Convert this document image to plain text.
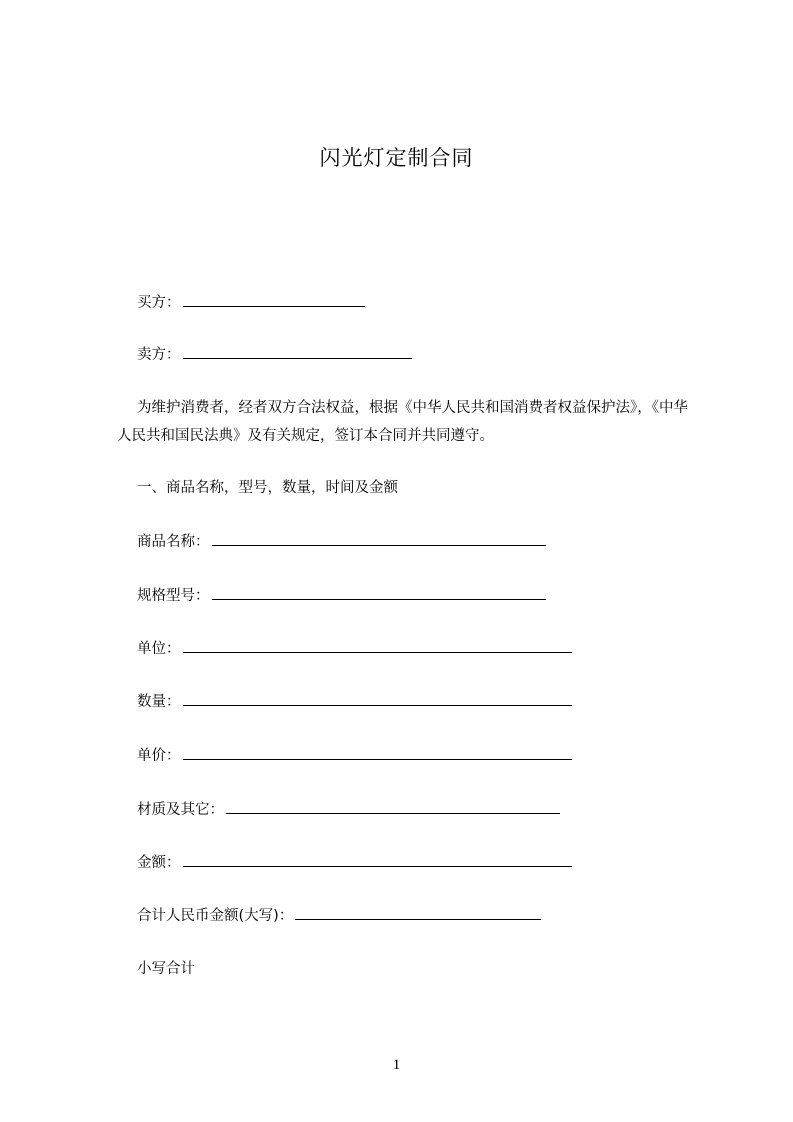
闪光灯定制合同
买方：
卖方：
为维护消费者，经者双方合法权益，根据《中华人民共和国消费者权益保护法》，《中华人民共和国民法典》及有关规定，签订本合同并共同遵守。
一、商品名称，型号，数量，时间及金额
商品名称：
规格型号：
单位：
数量：
单价：
材质及其它：
金额：
合计人民币金额(大写)：
小写合计
1
